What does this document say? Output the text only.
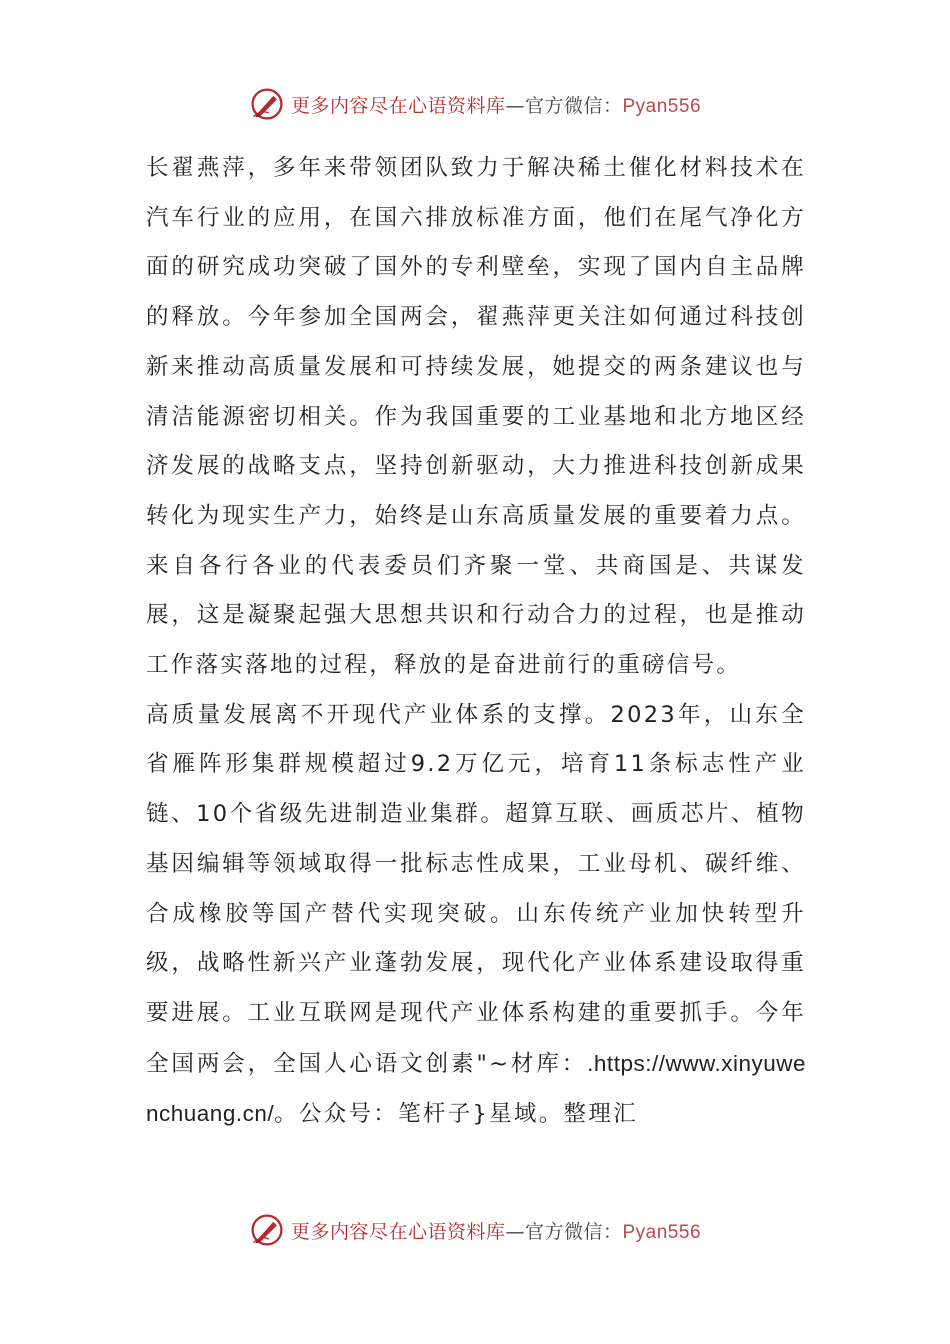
更多内容尽在心语资料库—官方微信：Pyan556

长翟燕萍，多年来带领团队致力于解决稀土催化材料技术在汽车行业的应用，在国六排放标准方面，他们在尾气净化方面的研究成功突破了国外的专利壁垒，实现了国内自主品牌的释放。今年参加全国两会，翟燕萍更关注如何通过科技创新来推动高质量发展和可持续发展，她提交的两条建议也与清洁能源密切相关。作为我国重要的工业基地和北方地区经济发展的战略支点，坚持创新驱动，大力推进科技创新成果转化为现实生产力，始终是山东高质量发展的重要着力点。来自各行各业的代表委员们齐聚一堂、共商国是、共谋发展，这是凝聚起强大思想共识和行动合力的过程，也是推动工作落实落地的过程，释放的是奋进前行的重磅信号。

高质量发展离不开现代产业体系的支撑。2023年，山东全省雁阵形集群规模超过9.2万亿元，培育11条标志性产业链、10个省级先进制造业集群。超算互联、画质芯片、植物基因编辑等领域取得一批标志性成果，工业母机、碳纤维、合成橡胶等国产替代实现突破。山东传统产业加快转型升级，战略性新兴产业蓬勃发展，现代化产业体系建设取得重要进展。工业互联网是现代产业体系构建的重要抓手。今年全国两会，全国人心语文创素"~材库：.https://www.xinyuwenchuang.cn/。公众号：笔杆子}星域。整理汇

更多内容尽在心语资料库—官方微信：Pyan556
